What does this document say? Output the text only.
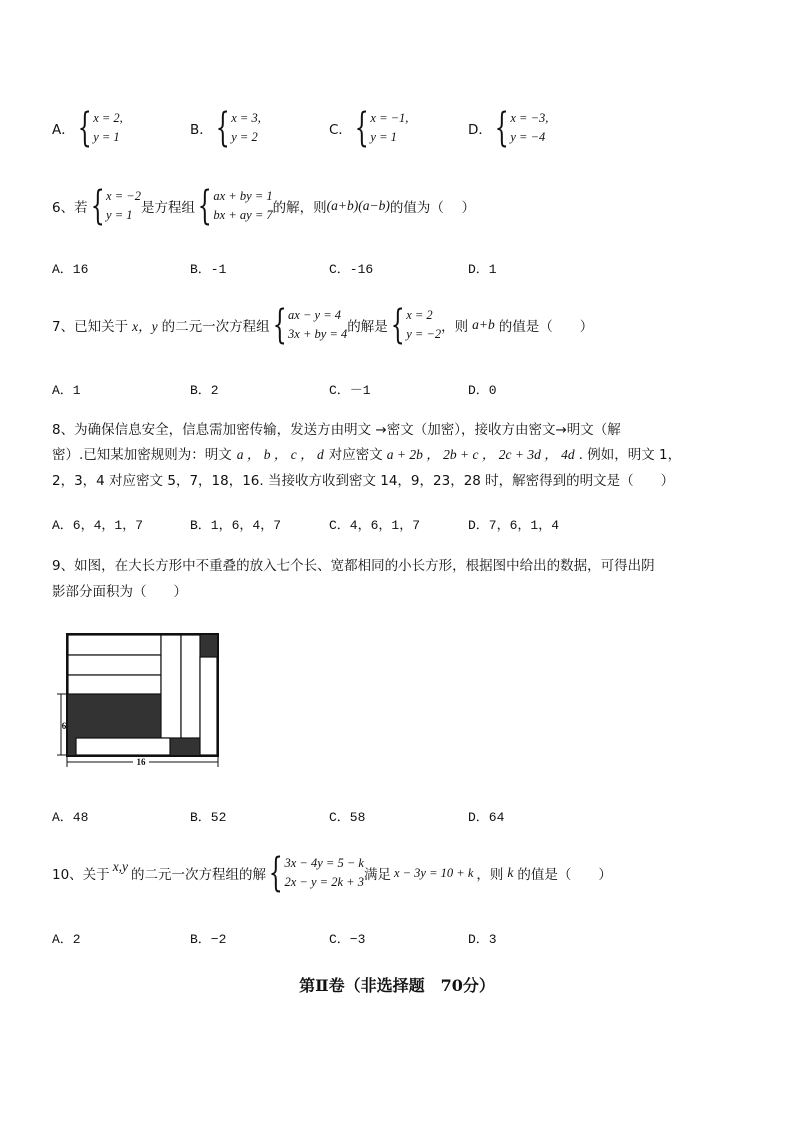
A． { x = 2,
y = 1	B． { x = 3,
y = 2	C． { x = −1,
y = 1	D． { x = −3,
y = −4
6、若 { x = −2
y = 1 是方程组 { ax + by = 1
bx + ay = 7 的解，则 (a+b)(a−b) 的值为（　 ）
A．16	B．-1	C．-16	D．1
7、已知关于 x，y 的二元一次方程组 { ax − y = 4
3x + by = 4 的解是 { x = 2
y = −2 ，则 a+b 的值是（　　）
A．1	B．2	C．－1	D．0
8、为确保信息安全，信息需加密传输，发送方由明文 →密文（加密），接收方由密文→明文（解
密）.已知某加密规则为：明文 a ， b ， c ， d 对应密文 a + 2b ， 2b + c ， 2c + 3d ， 4d . 例如，明文 1，
2，3，4 对应密文 5，7，18，16. 当接收方收到密文 14，9，23，28 时，解密得到的明文是（　　）
A．6，4，1，7	B．1，6，4，7	C．4，6，1，7	D．7，6，1，4
9、如图，在大长方形中不重叠的放入七个长、宽都相同的小长方形，根据图中给出的数据，可得出阴
影部分面积为（　　）
6
16
A．48	B．52	C．58	D．64
10、关于
x,y
的二元一次方程组的解 { 3x − 4y = 5 − k
2x − y = 2k + 3 满足 x − 3y = 10 + k ，则 k 的值是（　　）
A．2	B．−2	C．−3	D．3
第Ⅱ卷（非选择题　70分）
